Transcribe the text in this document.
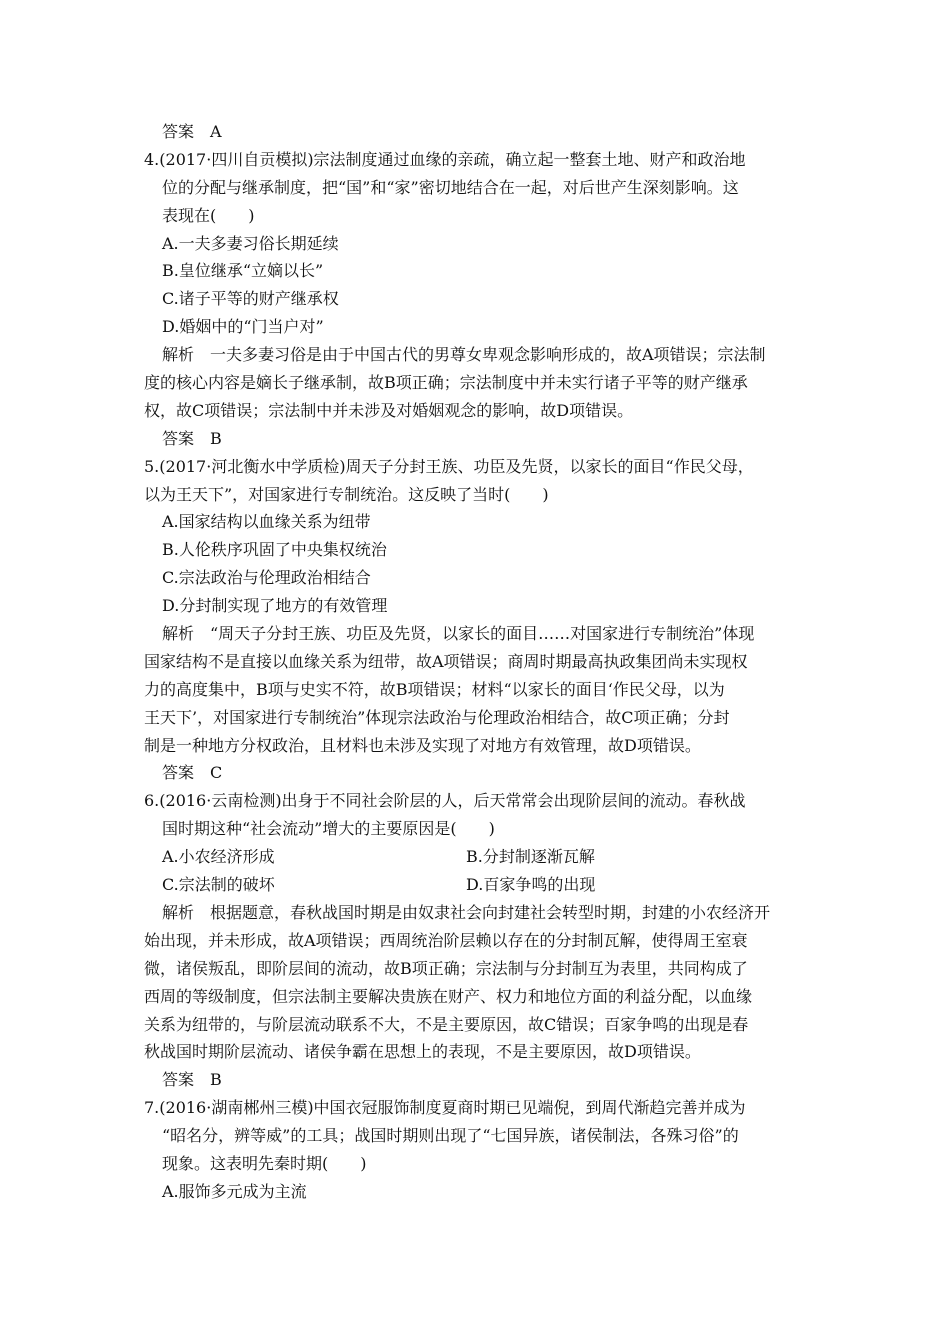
答案　A
4.(2017·四川自贡模拟)宗法制度通过血缘的亲疏，确立起一整套土地、财产和政治地
位的分配与继承制度，把“国”和“家”密切地结合在一起，对后世产生深刻影响。这
表现在(　　)
A.一夫多妻习俗长期延续
B.皇位继承“立嫡以长”
C.诸子平等的财产继承权
D.婚姻中的“门当户对”
解析　一夫多妻习俗是由于中国古代的男尊女卑观念影响形成的，故A项错误；宗法制
度的核心内容是嫡长子继承制，故B项正确；宗法制度中并未实行诸子平等的财产继承
权，故C项错误；宗法制中并未涉及对婚姻观念的影响，故D项错误。
答案　B
5.(2017·河北衡水中学质检)周天子分封王族、功臣及先贤，以家长的面目“作民父母，
以为王天下”，对国家进行专制统治。这反映了当时(　　)
A.国家结构以血缘关系为纽带
B.人伦秩序巩固了中央集权统治
C.宗法政治与伦理政治相结合
D.分封制实现了地方的有效管理
解析　“周天子分封王族、功臣及先贤，以家长的面目……对国家进行专制统治”体现
国家结构不是直接以血缘关系为纽带，故A项错误；商周时期最高执政集团尚未实现权
力的高度集中，B项与史实不符，故B项错误；材料“以家长的面目‘作民父母，以为
王天下’，对国家进行专制统治”体现宗法政治与伦理政治相结合，故C项正确；分封
制是一种地方分权政治，且材料也未涉及实现了对地方有效管理，故D项错误。
答案　C
6.(2016·云南检测)出身于不同社会阶层的人，后天常常会出现阶层间的流动。春秋战
国时期这种“社会流动”增大的主要原因是(　　)
A.小农经济形成	B.分封制逐渐瓦解
C.宗法制的破坏	D.百家争鸣的出现
解析　根据题意，春秋战国时期是由奴隶社会向封建社会转型时期，封建的小农经济开
始出现，并未形成，故A项错误；西周统治阶层赖以存在的分封制瓦解，使得周王室衰
微，诸侯叛乱，即阶层间的流动，故B项正确；宗法制与分封制互为表里，共同构成了
西周的等级制度，但宗法制主要解决贵族在财产、权力和地位方面的利益分配，以血缘
关系为纽带的，与阶层流动联系不大，不是主要原因，故C错误；百家争鸣的出现是春
秋战国时期阶层流动、诸侯争霸在思想上的表现，不是主要原因，故D项错误。
答案　B
7.(2016·湖南郴州三模)中国衣冠服饰制度夏商时期已见端倪，到周代渐趋完善并成为
“昭名分，辨等威”的工具；战国时期则出现了“七国异族，诸侯制法，各殊习俗”的
现象。这表明先秦时期(　　)
A.服饰多元成为主流
